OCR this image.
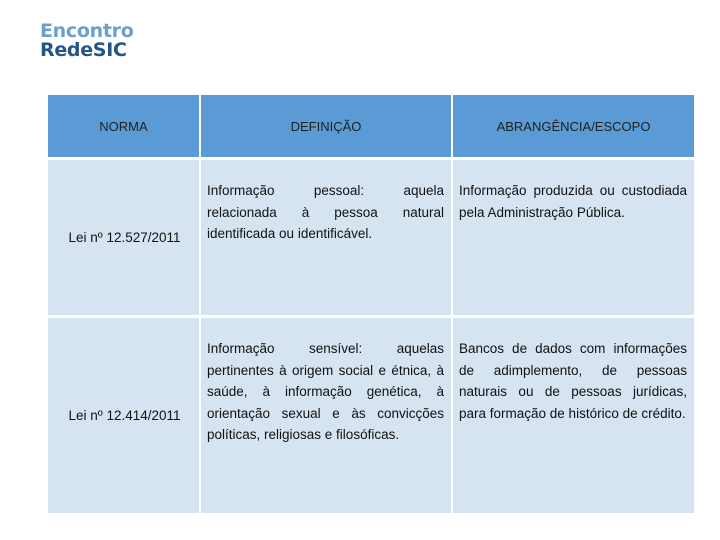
Encontro
RedeSIC
NORMA	DEFINIÇÃO	ABRANGÊNCIA/ESCOPO
Lei nº 12.527/2011	Informação pessoal: aquela relacionada à pessoa natural identificada ou identificável.	Informação produzida ou custodiada pela Administração Pública.
Lei nº 12.414/2011	Informação sensível: aquelas pertinentes à origem social e étnica, à saúde, à informação genética, à orientação sexual e às convicções políticas, religiosas e filosóficas.	Bancos de dados com informações de adimplemento, de pessoas naturais ou de pessoas jurídicas, para formação de histórico de crédito.
